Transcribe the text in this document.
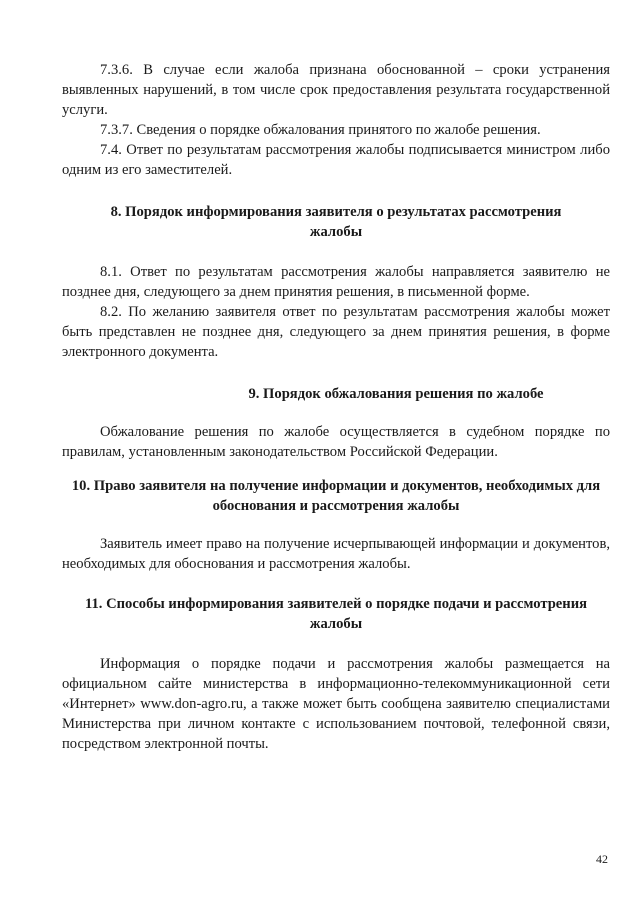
7.3.6. В случае если жалоба признана обоснованной – сроки устранения выявленных нарушений, в том числе срок предоставления результата государственной услуги.

7.3.7. Сведения о порядке обжалования принятого по жалобе решения.

7.4. Ответ по результатам рассмотрения жалобы подписывается министром либо одним из его заместителей.

8. Порядок информирования заявителя о результатах рассмотрения жалобы

8.1. Ответ по результатам рассмотрения жалобы направляется заявителю не позднее дня, следующего за днем принятия решения, в письменной форме.

8.2. По желанию заявителя ответ по результатам рассмотрения жалобы может быть представлен не позднее дня, следующего за днем принятия решения, в форме электронного документа.

9. Порядок обжалования решения по жалобе

Обжалование решения по жалобе осуществляется в судебном порядке по правилам, установленным законодательством Российской Федерации.

10. Право заявителя на получение информации и документов, необходимых для обоснования и рассмотрения жалобы

Заявитель имеет право на получение исчерпывающей информации и документов, необходимых для обоснования и рассмотрения жалобы.

11. Способы информирования заявителей о порядке подачи и рассмотрения жалобы

Информация о порядке подачи и рассмотрения жалобы размещается на официальном сайте министерства в информационно-телекоммуникационной сети «Интернет» www.don-agro.ru, а также может быть сообщена заявителю специалистами Министерства при личном контакте с использованием почтовой, телефонной связи, посредством электронной почты.

42
